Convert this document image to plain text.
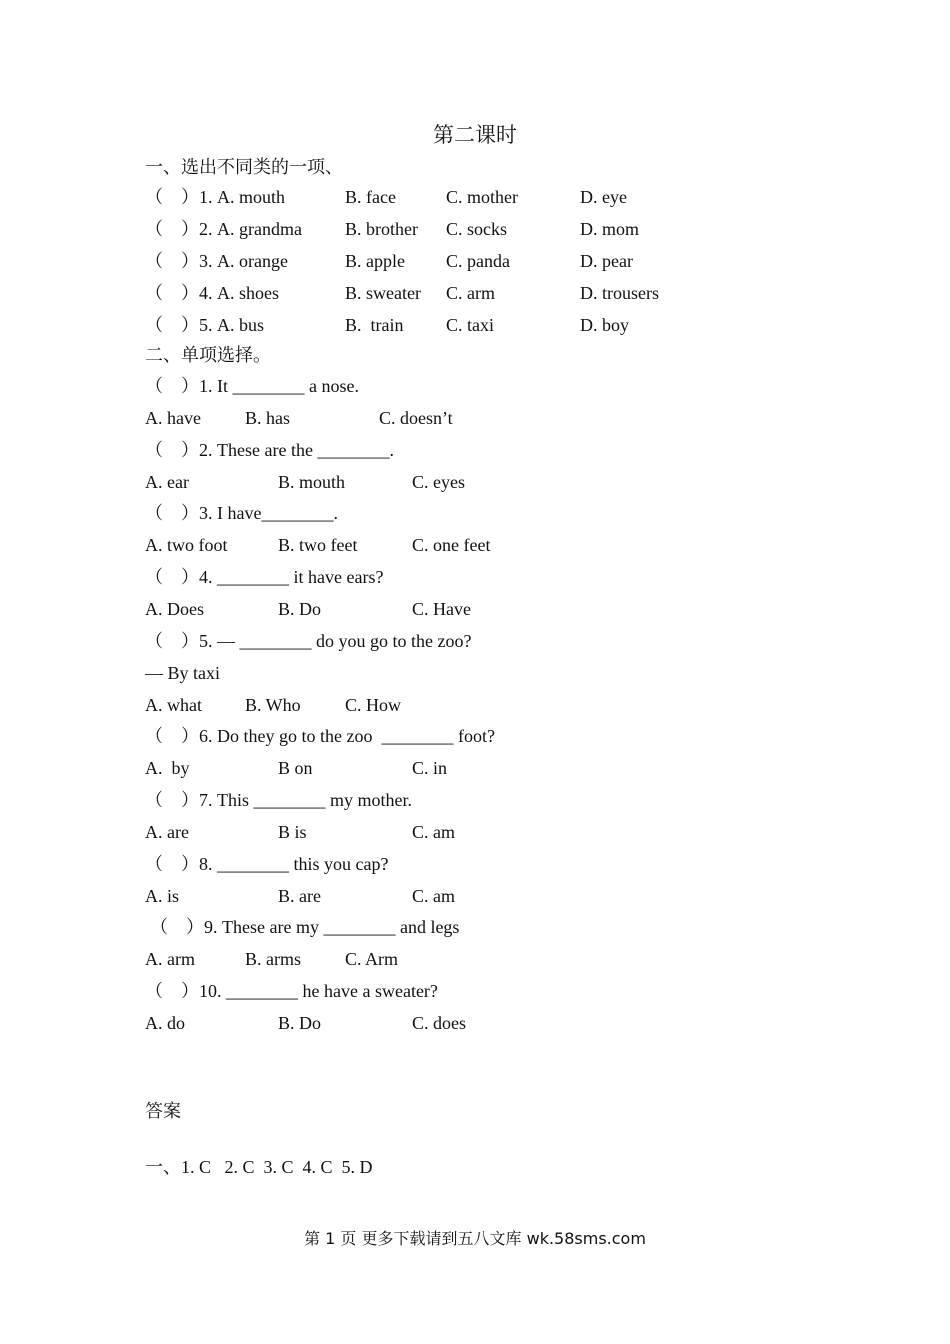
第二课时
一、选出不同类的一项、
（    ）1. A. mouth	B. face	C. mother	D. eye
（    ）2. A. grandma B. brother C. socks	D. mom
（    ）3. A. orange	B. apple C. panda	D. pear
（    ）4. A. shoes	B. sweater C. arm	D. trousers
（    ）5. A. bus	B.  train C. taxi	D. boy
二、单项选择。
（    ）1. It ________ a nose.
A. have B. has	C. doesn’t
（    ）2. These are the ________.
A. ear	B. mouth	C. eyes
（    ）3. I have________.
A. two foot	B. two feet	C. one feet
（    ）4. ________ it have ears?
A. Does	B. Do	C. Have
（    ）5. — ________ do you go to the zoo?
— By taxi
A. what B. Who C. How
（    ）6. Do they go to the zoo  ________ foot?
A.  by	B on	C. in
（    ）7. This ________ my mother.
A. are	B is	C. am
（    ）8. ________ this you cap?
A. is	B. are	C. am
（    ）9. These are my ________ and legs
A. arm	B. arms C. Arm
（    ）10. ________ he have a sweater?
A. do	B. Do	C. does
答案
一、1. C   2. C  3. C  4. C  5. D
第 1 页 更多下载请到五八文库 wk.58sms.com
